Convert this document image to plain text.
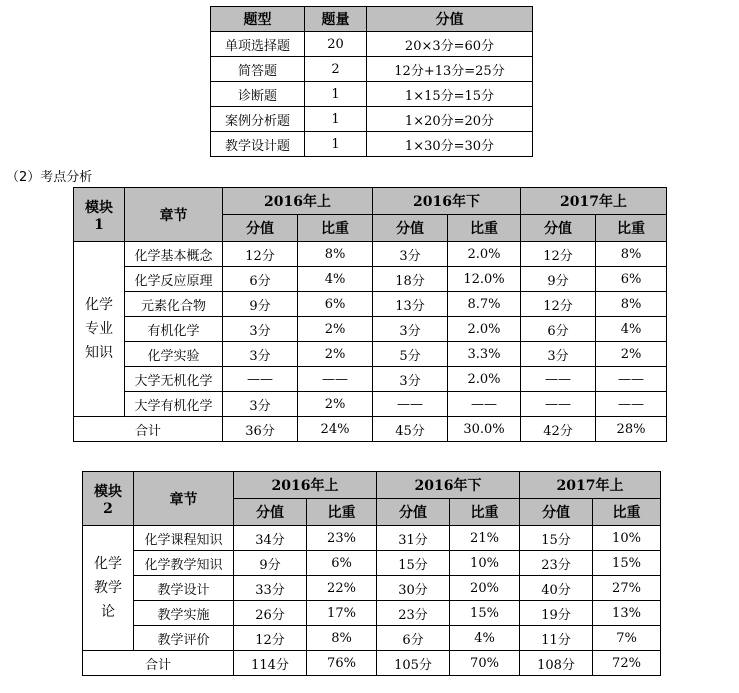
题型	题量	分值
单项选择题	20	20×3分=60分
简答题	2	12分+13分=25分
诊断题	1	1×15分=15分
案例分析题	1	1×20分=20分
教学设计题	1	1×30分=30分
（2）考点分析
模块
1	章节	2016年上		2016年下		2017年上	
		分值	比重	分值	比重	分值	比重
化学
专业
知识	化学基本概念	12分	8%	3分	2.0%	12分	8%
	化学反应原理	6分	4%	18分	12.0%	9分	6%
	元素化合物	9分	6%	13分	8.7%	12分	8%
	有机化学	3分	2%	3分	2.0%	6分	4%
	化学实验	3分	2%	5分	3.3%	3分	2%
	大学无机化学	——	——	3分	2.0%	——	——
	大学有机化学	3分	2%	——	——	——	——
合计		36分	24%	45分	30.0%	42分	28%
模块
2	章节	2016年上		2016年下		2017年上	
		分值	比重	分值	比重	分值	比重
化学
教学
论	化学课程知识	34分	23%	31分	21%	15分	10%
	化学教学知识	9分	6%	15分	10%	23分	15%
	教学设计	33分	22%	30分	20%	40分	27%
	教学实施	26分	17%	23分	15%	19分	13%
	教学评价	12分	8%	6分	4%	11分	7%
合计		114分	76%	105分	70%	108分	72%
